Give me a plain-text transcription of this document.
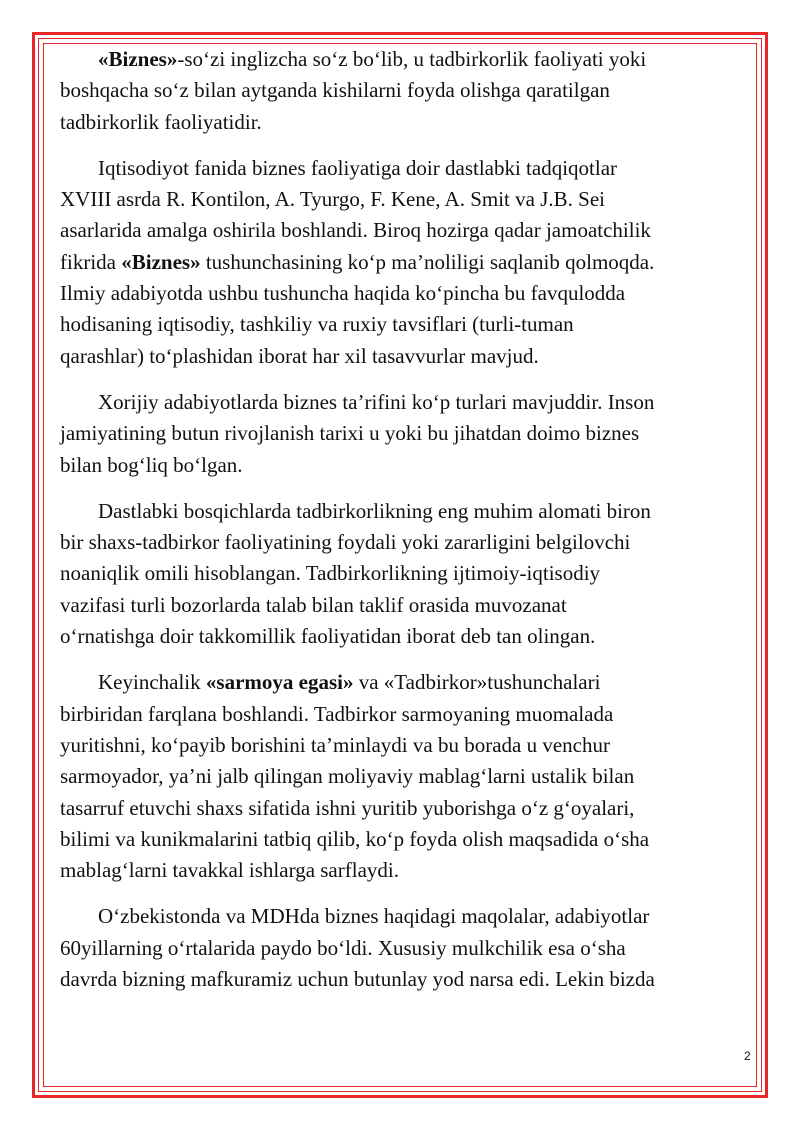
«Biznes»-so‘zi inglizcha so‘z bo‘lib, u tadbirkorlik faoliyati yoki
boshqacha so‘z bilan aytganda kishilarni foyda olishga qaratilgan
tadbirkorlik faoliyatidir.

Iqtisodiyot fanida biznes faoliyatiga doir dastlabki tadqiqotlar
XVIII asrda R. Kontilon, A. Tyurgo, F. Kene, A. Smit va J.B. Sei
asarlarida amalga oshirila boshlandi. Biroq hozirga qadar jamoatchilik
fikrida «Biznes» tushunchasining ko‘p ma’noliligi saqlanib qolmoqda.
Ilmiy adabiyotda ushbu tushuncha haqida ko‘pincha bu favqulodda
hodisaning iqtisodiy, tashkiliy va ruxiy tavsiflari (turli-tuman
qarashlar) to‘plashidan iborat har xil tasavvurlar mavjud.

Xorijiy adabiyotlarda biznes ta’rifini ko‘p turlari mavjuddir. Inson
jamiyatining butun rivojlanish tarixi u yoki bu jihatdan doimo biznes
bilan bog‘liq bo‘lgan.

Dastlabki bosqichlarda tadbirkorlikning eng muhim alomati biron
bir shaxs-tadbirkor faoliyatining foydali yoki zararligini belgilovchi
noaniqlik omili hisoblangan. Tadbirkorlikning ijtimoiy-iqtisodiy
vazifasi turli bozorlarda talab bilan taklif orasida muvozanat
o‘rnatishga doir takkomillik faoliyatidan iborat deb tan olingan.

Keyinchalik «sarmoya egasi» va «Tadbirkor»tushunchalari
birbiridan farqlana boshlandi. Tadbirkor sarmoyaning muomalada
yuritishni, ko‘payib borishini ta’minlaydi va bu borada u venchur
sarmoyador, ya’ni jalb qilingan moliyaviy mablag‘larni ustalik bilan
tasarruf etuvchi shaxs sifatida ishni yuritib yuborishga o‘z g‘oyalari,
bilimi va kunikmalarini tatbiq qilib, ko‘p foyda olish maqsadida o‘sha
mablag‘larni tavakkal ishlarga sarflaydi.

O‘zbekistonda va MDHda biznes haqidagi maqolalar, adabiyotlar
60yillarning o‘rtalarida paydo bo‘ldi. Xususiy mulkchilik esa o‘sha
davrda bizning mafkuramiz uchun butunlay yod narsa edi. Lekin bizda

2
